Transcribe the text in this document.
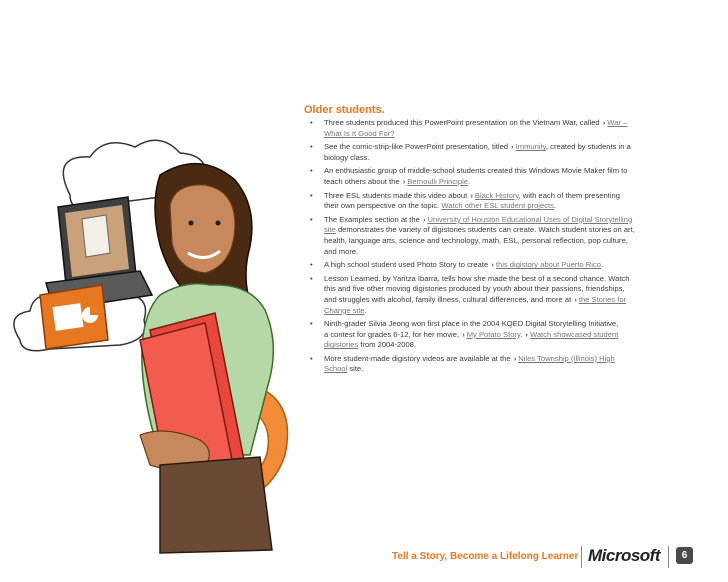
Older students.
• Three students produced this PowerPoint presentation on the Vietnam War, called › War –
What Is It Good For?
• See the comic-strip-like PowerPoint presentation, titled › Immunity, created by students in a
biology class.
• An enthusiastic group of middle-school students created this Windows Movie Maker film to
teach others about the › Bernoulli Principle.
• Three ESL students made this video about › Black History, with each of them presenting
their own perspective on the topic. Watch other ESL student projects.
• The Examples section at the › University of Houston Educational Uses of Digital Storytelling
site demonstrates the variety of digistories students can create. Watch student stories on art,
health, language arts, science and technology, math, ESL, personal reflection, pop culture,
and more.
• A high school student used Photo Story to create › this digistory about Puerto Rico.
• Lesson Learned, by Yaritza Ibarra, tells how she made the best of a second chance. Watch
this and five other moving digistories produced by youth about their passions, friendships,
and struggles with alcohol, family illness, cultural differences, and more at › the Stories for
Change site.
• Ninth-grader Silvia Jeong won first place in the 2004 KQED Digital Storytelling Initiative,
a contest for grades 6-12, for her movie, › My Potato Story. › Watch showcased student
digistories from 2004-2008.
• More student-made digistory videos are available at the › Niles Township (Illinois) High
School site.
Tell a Story, Become a Lifelong Learner Microsoft	6
